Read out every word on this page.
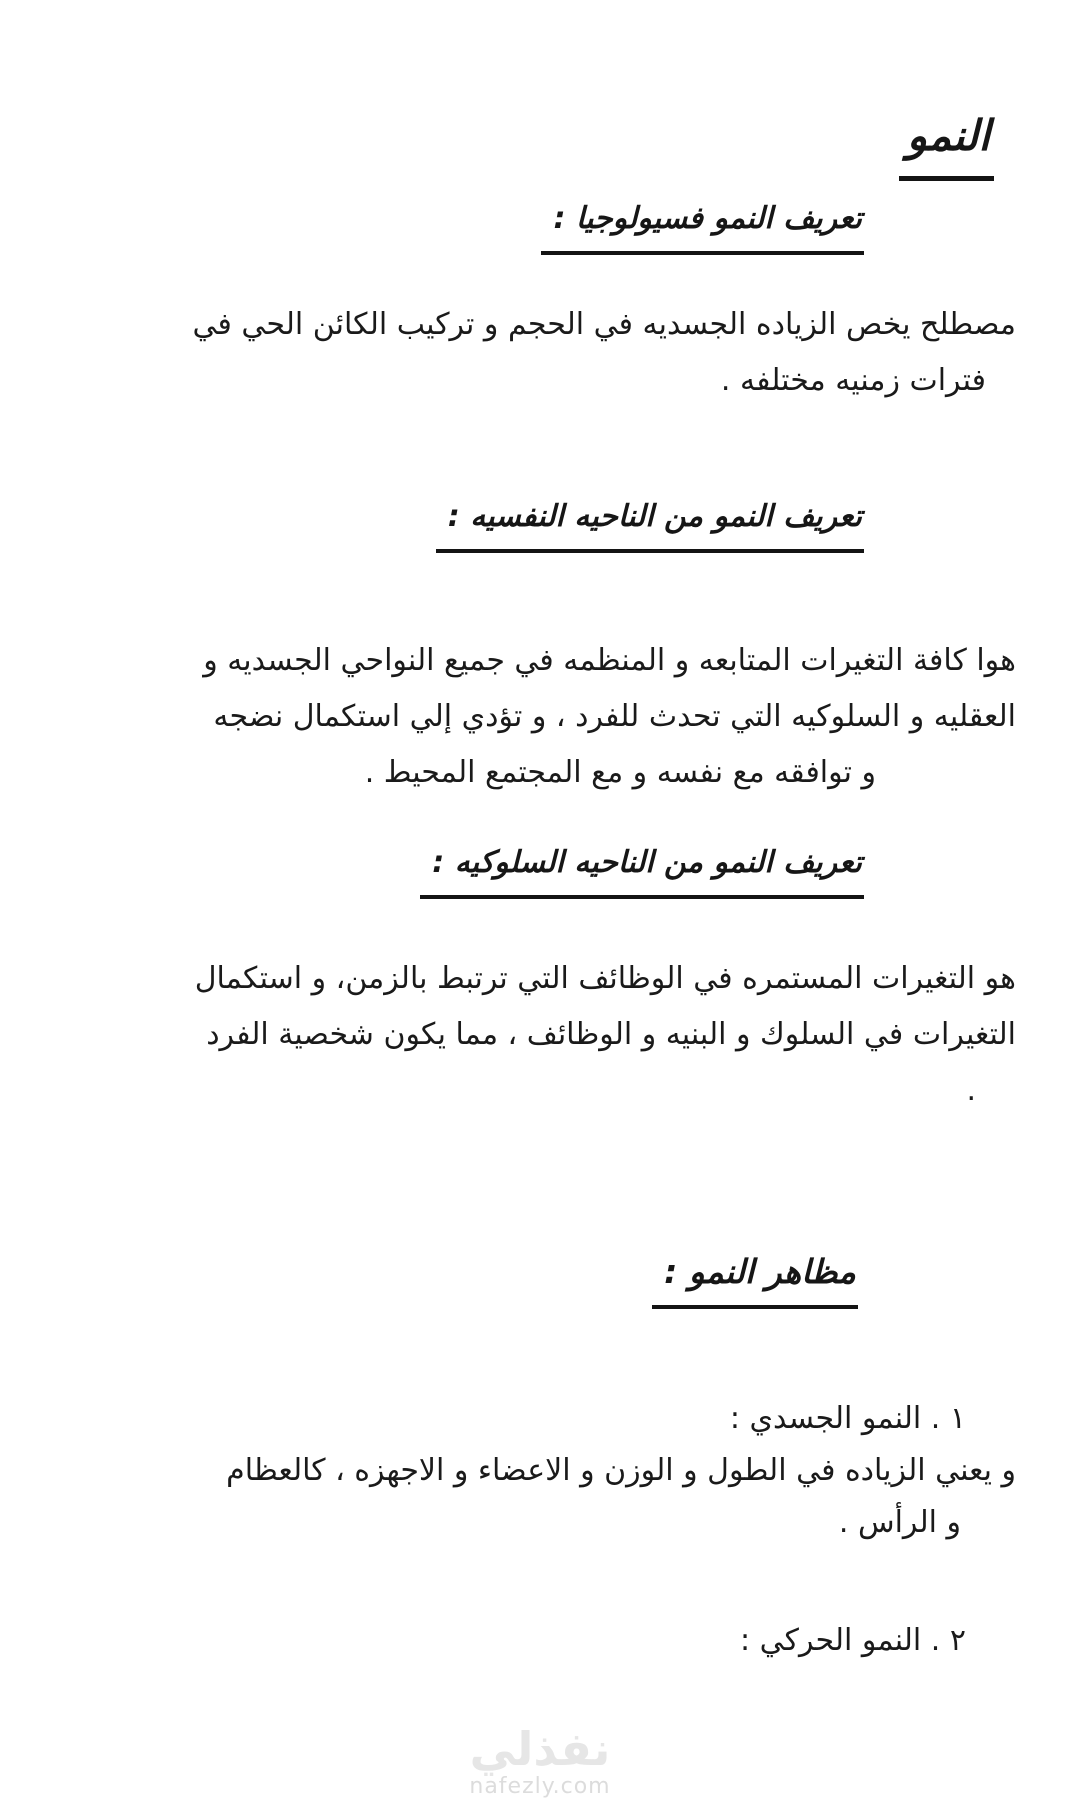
النمو
تعريف النمو فسيولوجيا :
مصطلح يخص الزياده الجسديه في الحجم و تركيب الكائن الحي في
فترات زمنيه مختلفه .
تعريف النمو من الناحيه النفسيه :
هوا كافة التغيرات المتابعه و المنظمه في جميع النواحي الجسديه و
العقليه و السلوكيه التي تحدث للفرد ، و تؤدي إلي استكمال نضجه
و توافقه مع نفسه و مع المجتمع المحيط .
تعريف النمو من الناحيه السلوكيه :
هو التغيرات المستمره في الوظائف التي ترتبط بالزمن، و استكمال
التغيرات في السلوك و البنيه و الوظائف ، مما يكون شخصية الفرد
.
مظاهر النمو :
١ . النمو الجسدي :
و يعني الزياده في الطول و الوزن و الاعضاء و الاجهزه ، كالعظام
و الرأس .
٢ . النمو الحركي :
نفذلي
nafezly.com
